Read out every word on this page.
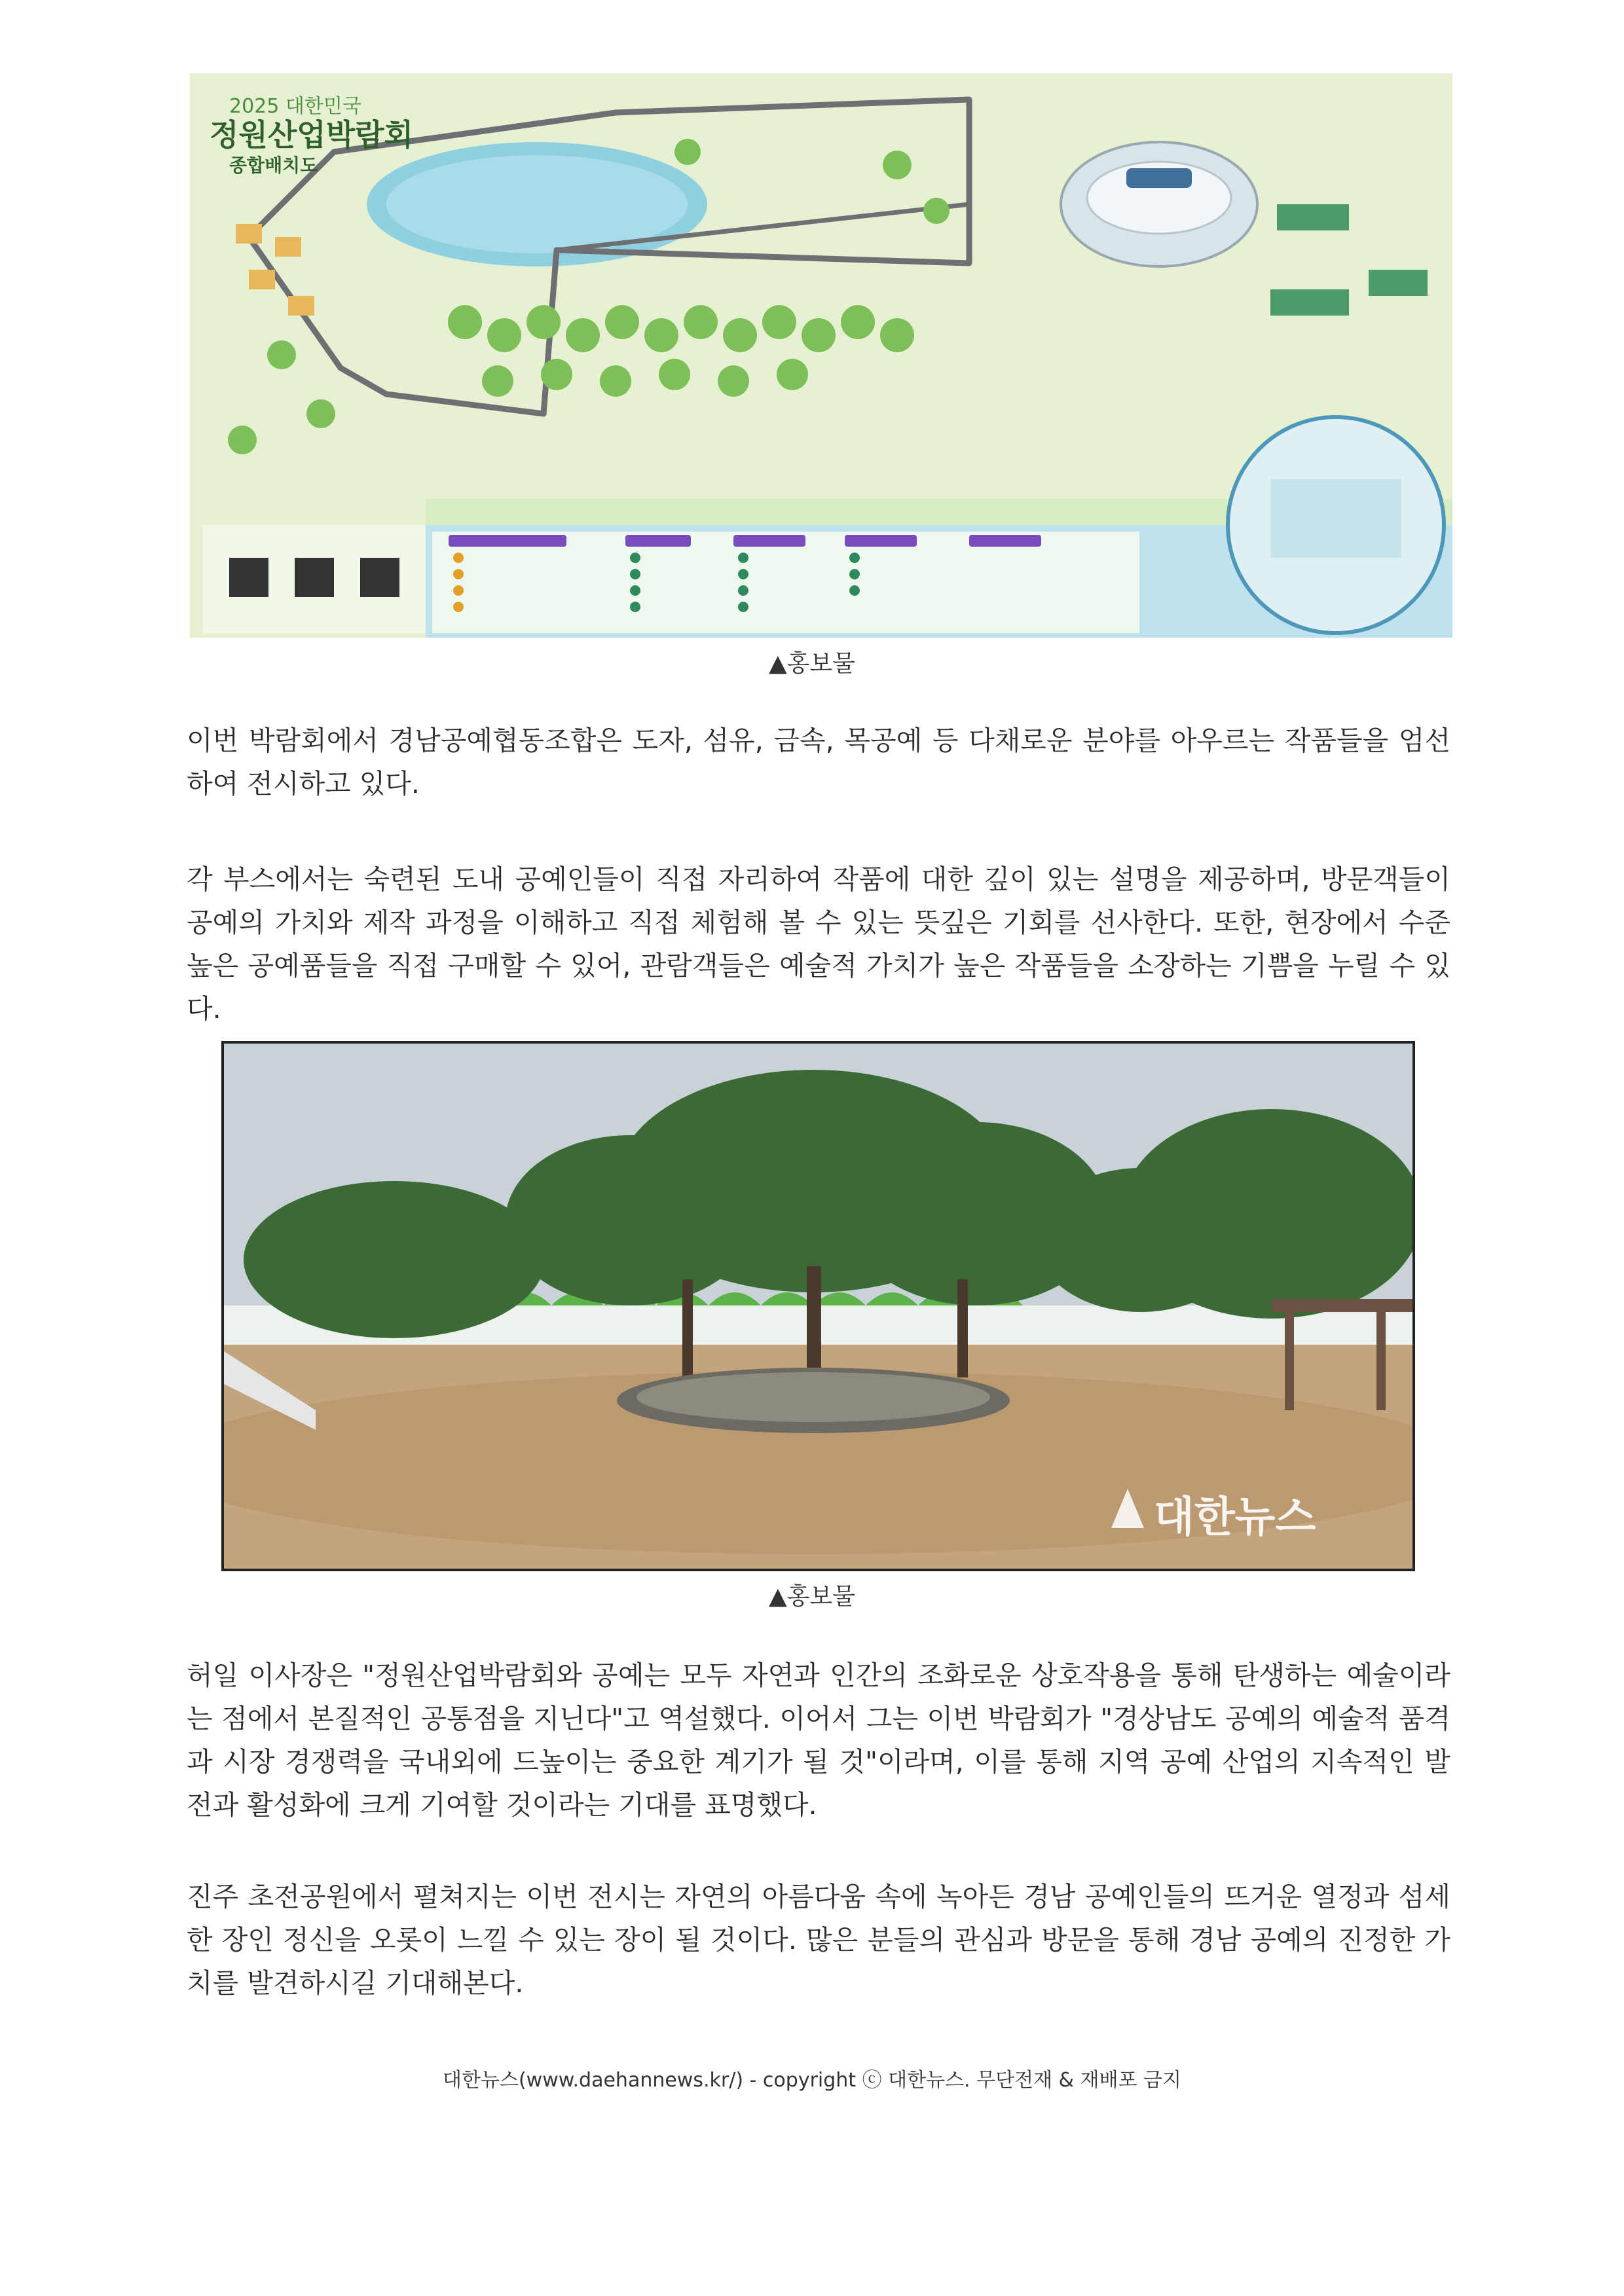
2025 대한민국
정원산업박람회
종합배치도
▲홍보물

이번 박람회에서 경남공예협동조합은 도자, 섬유, 금속, 목공예 등 다채로운 분야를 아우르는 작품들을 엄선하여 전시하고 있다.

각 부스에서는 숙련된 도내 공예인들이 직접 자리하여 작품에 대한 깊이 있는 설명을 제공하며, 방문객들이 공예의 가치와 제작 과정을 이해하고 직접 체험해 볼 수 있는 뜻깊은 기회를 선사한다. 또한, 현장에서 수준 높은 공예품들을 직접 구매할 수 있어, 관람객들은 예술적 가치가 높은 작품들을 소장하는 기쁨을 누릴 수 있다.

대한뉴스
▲홍보물

허일 이사장은 "정원산업박람회와 공예는 모두 자연과 인간의 조화로운 상호작용을 통해 탄생하는 예술이라는 점에서 본질적인 공통점을 지닌다"고 역설했다. 이어서 그는 이번 박람회가 "경상남도 공예의 예술적 품격과 시장 경쟁력을 국내외에 드높이는 중요한 계기가 될 것"이라며, 이를 통해 지역 공예 산업의 지속적인 발전과 활성화에 크게 기여할 것이라는 기대를 표명했다.

진주 초전공원에서 펼쳐지는 이번 전시는 자연의 아름다움 속에 녹아든 경남 공예인들의 뜨거운 열정과 섬세한 장인 정신을 오롯이 느낄 수 있는 장이 될 것이다. 많은 분들의 관심과 방문을 통해 경남 공예의 진정한 가치를 발견하시길 기대해본다.

대한뉴스(www.daehannews.kr/) - copyright ⓒ 대한뉴스. 무단전재 & 재배포 금지
